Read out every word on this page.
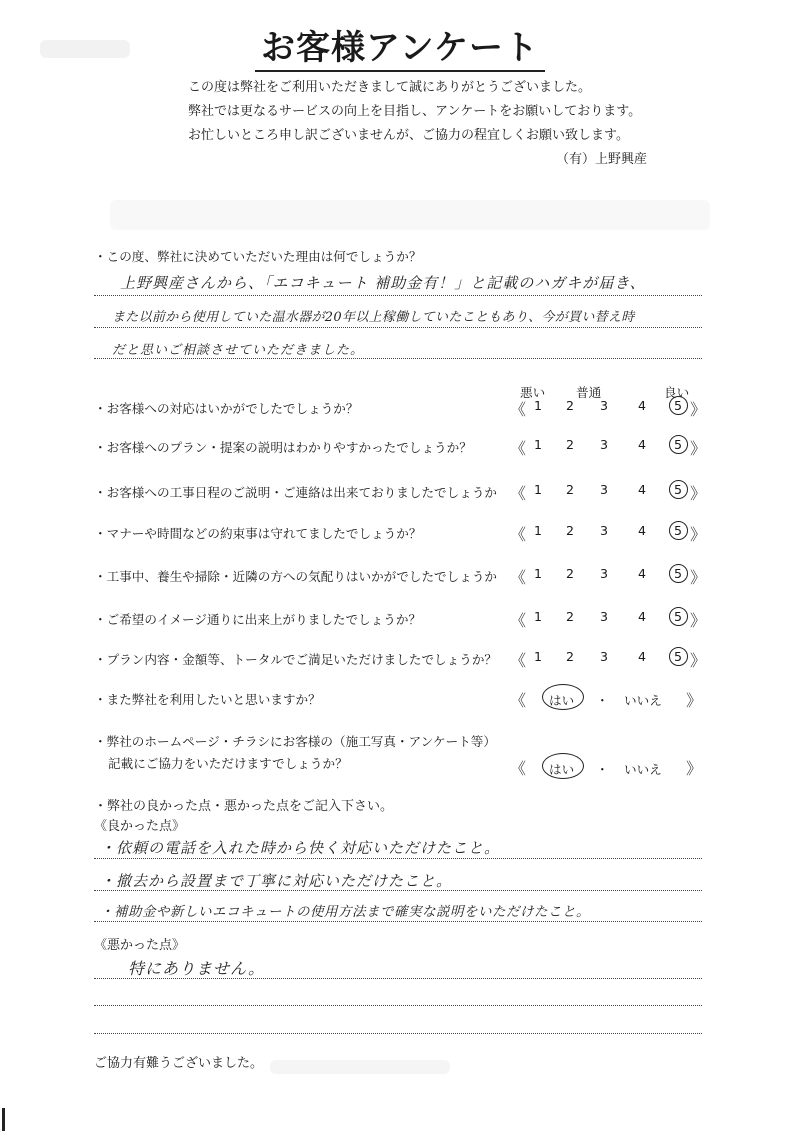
お客様アンケート
この度は弊社をご利用いただきまして誠にありがとうございました。
弊社では更なるサービスの向上を目指し、アンケートをお願いしております。
お忙しいところ申し訳ございませんが、ご協力の程宜しくお願い致します。
（有）上野興産
・この度、弊社に決めていただいた理由は何でしょうか？
上野興産さんから、「エコキュート 補助金有！」と記載のハガキが届き、
また以前から使用していた温水器が20年以上稼働していたこともあり、今が買い替え時
だと思いご相談させていただきました。
悪い 普通	良い
・お客様への対応はいかがでしたでしょうか？	《 1	2	3	4	5 》
・お客様へのプラン・提案の説明はわかりやすかったでしょうか？ 《 1	2	3	4	5 》
・お客様への工事日程のご説明・ご連絡は出来ておりましたでしょうか 《 1	2	3	4	5 》
・マナーや時間などの約束事は守れてましたでしょうか？	《 1	2	3	4	5 》
・工事中、養生や掃除・近隣の方への気配りはいかがでしたでしょうか 《 1	2	3	4	5 》
・ご希望のイメージ通りに出来上がりましたでしょうか？	《 1	2	3	4	5 》
・プラン内容・金額等、トータルでご満足いただけましたでしょうか？ 《 1	2	3	4	5 》
・また弊社を利用したいと思いますか？	《 はい ・ いいえ 》
・弊社のホームページ・チラシにお客様の（施工写真・アンケート等）
記載にご協力をいただけますでしょうか？	《 はい ・ いいえ 》
・弊社の良かった点・悪かった点をご記入下さい。
《良かった点》
・依頼の電話を入れた時から快く対応いただけたこと。
・撤去から設置まで丁寧に対応いただけたこと。
・補助金や新しいエコキュートの使用方法まで確実な説明をいただけたこと。
《悪かった点》
特にありません。
ご協力有難うございました。
